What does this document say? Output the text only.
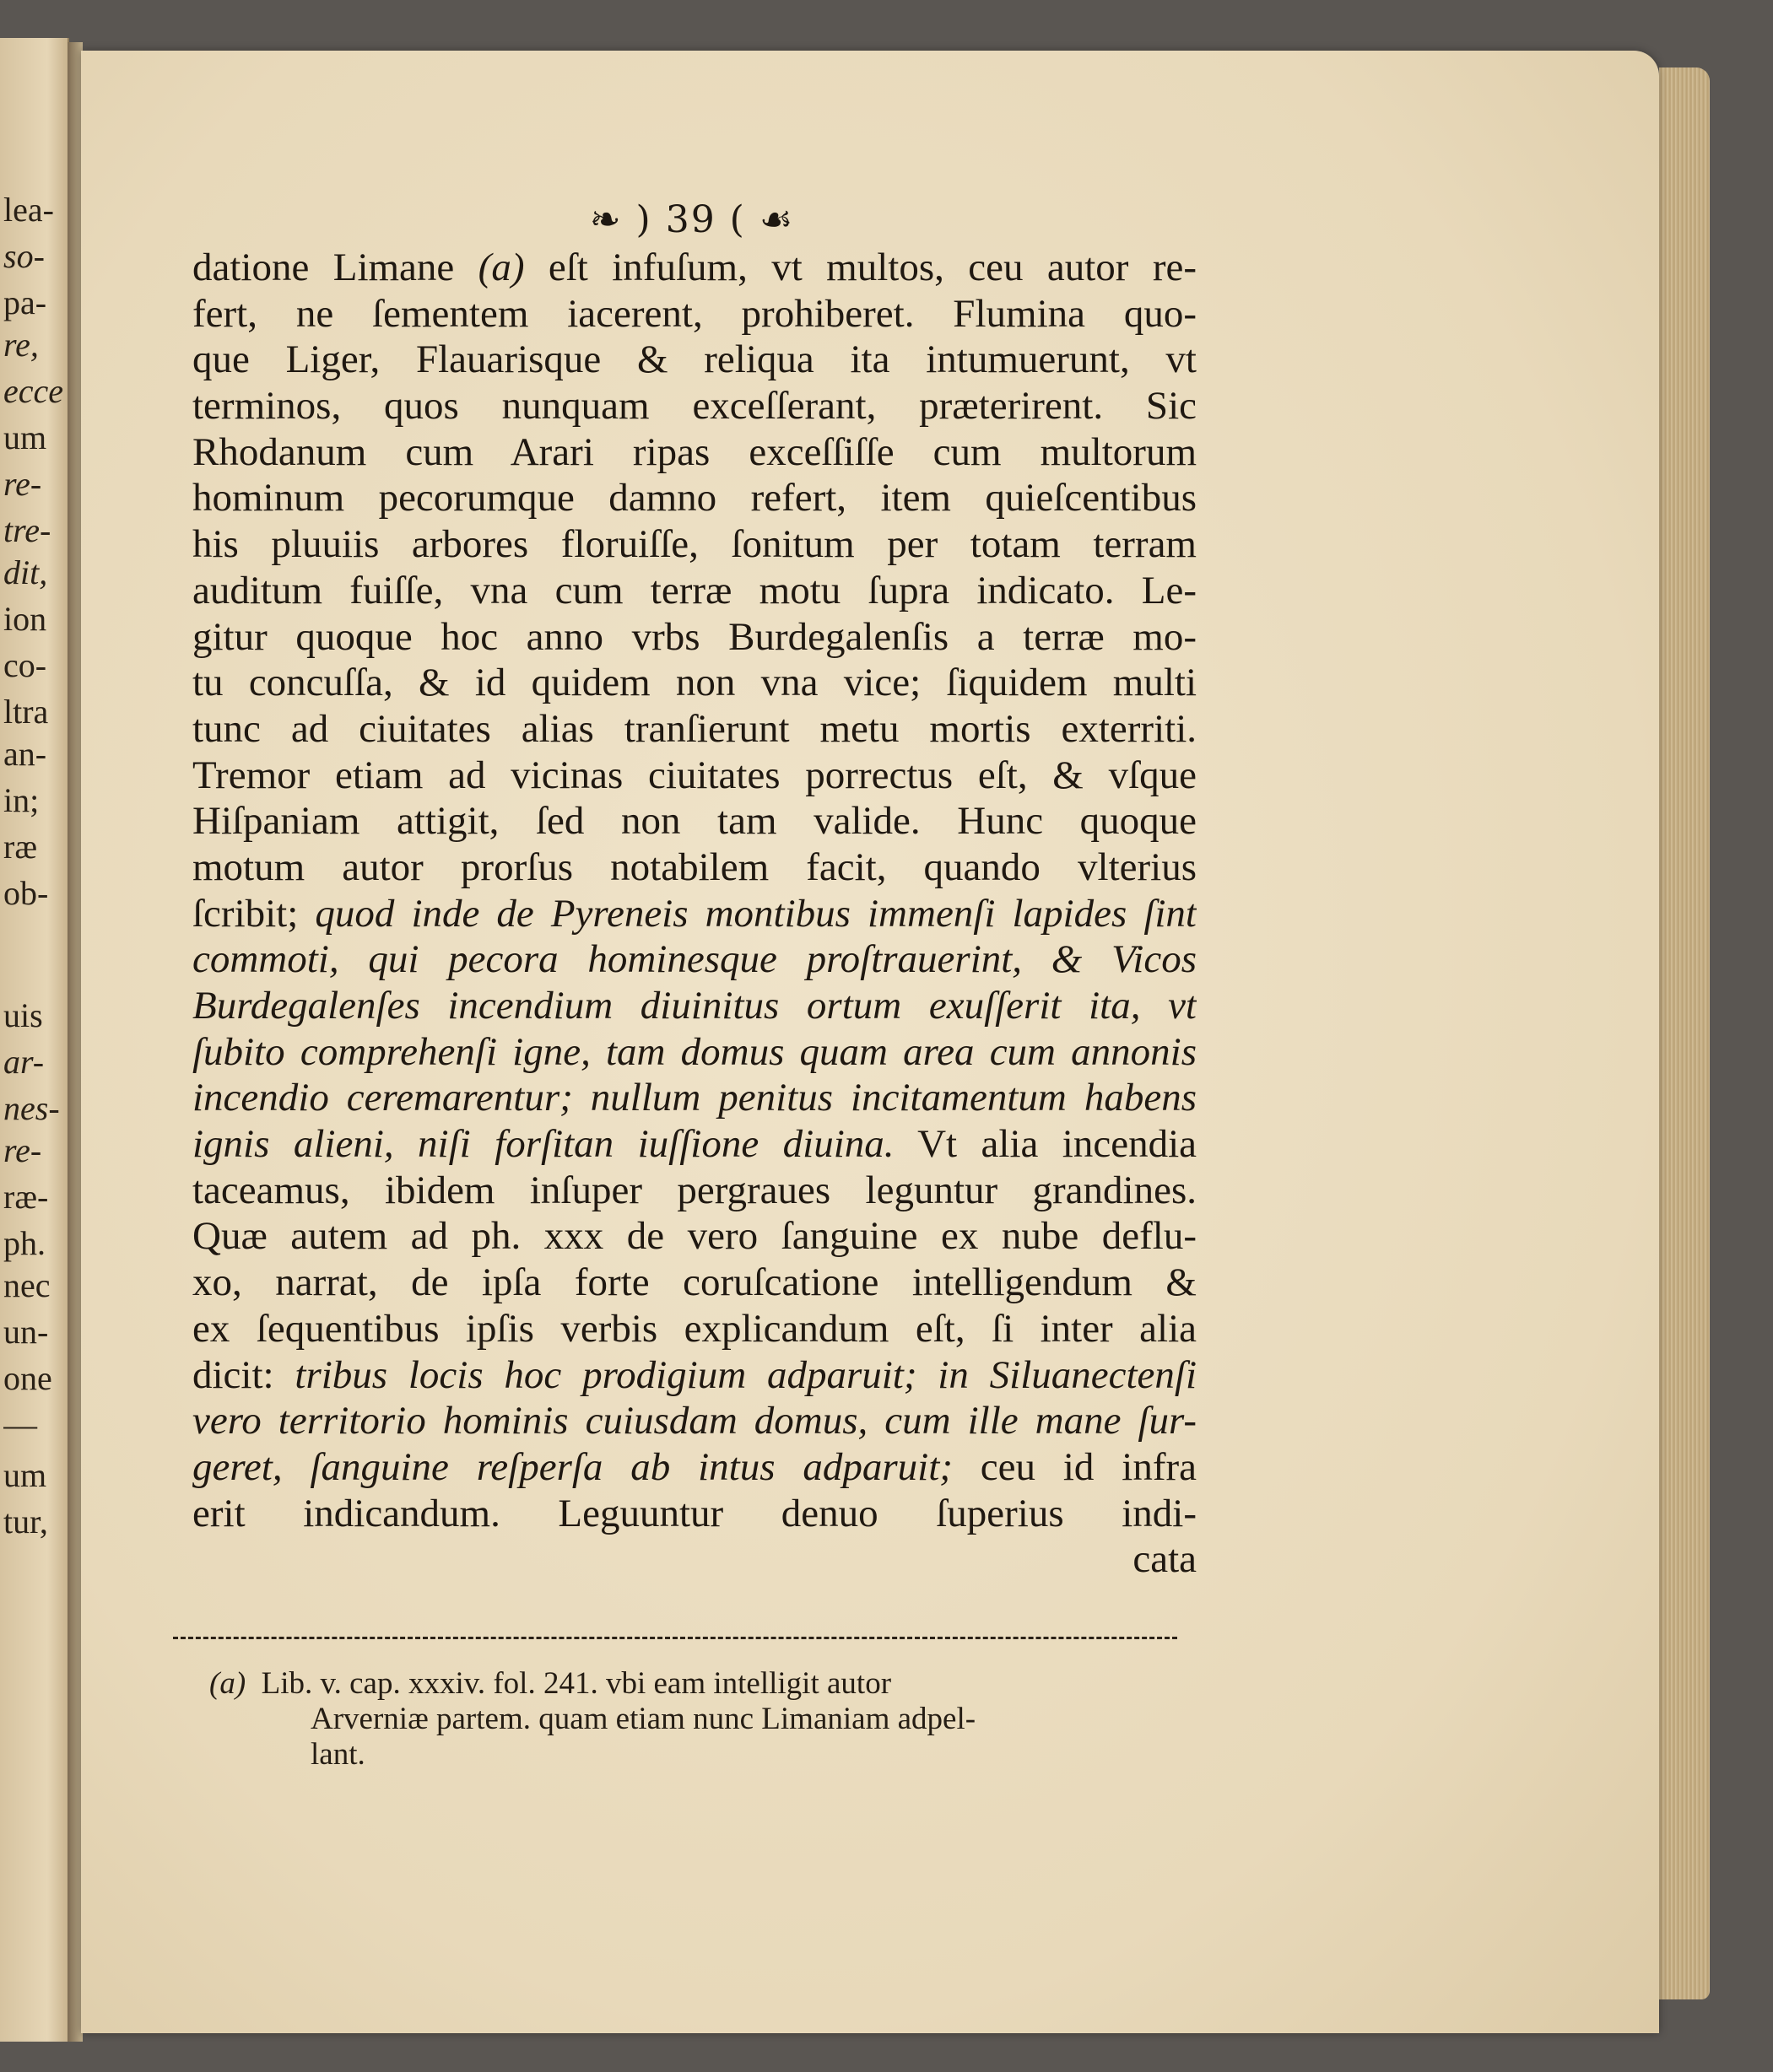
lea-
so-
pa-
re,
ecce
um
re-
tre-
dit,
ion
co-
ltra
an-
in;
ræ
ob-
uis
ar-
nes-
re-
ræ-
ph.
nec
un-
one
—
um
tur,
❧ ) 39 ( ☙
datione Limane (a) eſt infuſum, vt multos, ceu autor re-
fert, ne ſementem iacerent, prohiberet. Flumina quo-
que Liger, Flauarisque & reliqua ita intumuerunt, vt
terminos, quos nunquam exceſſerant, præterirent. Sic
Rhodanum cum Arari ripas exceſſiſſe cum multorum
hominum pecorumque damno refert, item quieſcentibus
his pluuiis arbores floruiſſe, ſonitum per totam terram
auditum fuiſſe, vna cum terræ motu ſupra indicato. Le-
gitur quoque hoc anno vrbs Burdegalenſis a terræ mo-
tu concuſſa, & id quidem non vna vice; ſiquidem multi
tunc ad ciuitates alias tranſierunt metu mortis exterriti.
Tremor etiam ad vicinas ciuitates porrectus eſt, & vſque
Hiſpaniam attigit, ſed non tam valide. Hunc quoque
motum autor prorſus notabilem facit, quando vlterius
ſcribit; quod inde de Pyreneis montibus immenſi lapides ſint
commoti, qui pecora hominesque proſtrauerint, & Vicos
Burdegalenſes incendium diuinitus ortum exuſſerit ita, vt
ſubito comprehenſi igne, tam domus quam area cum annonis
incendio ceremarentur; nullum penitus incitamentum habens
ignis alieni, niſi forſitan iuſſione diuina. Vt alia incendia
taceamus, ibidem inſuper pergraues leguntur grandines.
Quæ autem ad ph. xxx de vero ſanguine ex nube deflu-
xo, narrat, de ipſa forte coruſcatione intelligendum &
ex ſequentibus ipſis verbis explicandum eſt, ſi inter alia
dicit: tribus locis hoc prodigium adparuit; in Siluanectenſi
vero territorio hominis cuiusdam domus, cum ille mane ſur-
geret, ſanguine reſperſa ab intus adparuit; ceu id infra
erit indicandum. Leguuntur denuo ſuperius indi-
cata
(a) Lib. v. cap. xxxiv. fol. 241. vbi eam intelligit autor
Arverniæ partem. quam etiam nunc Limaniam adpel-
lant.
